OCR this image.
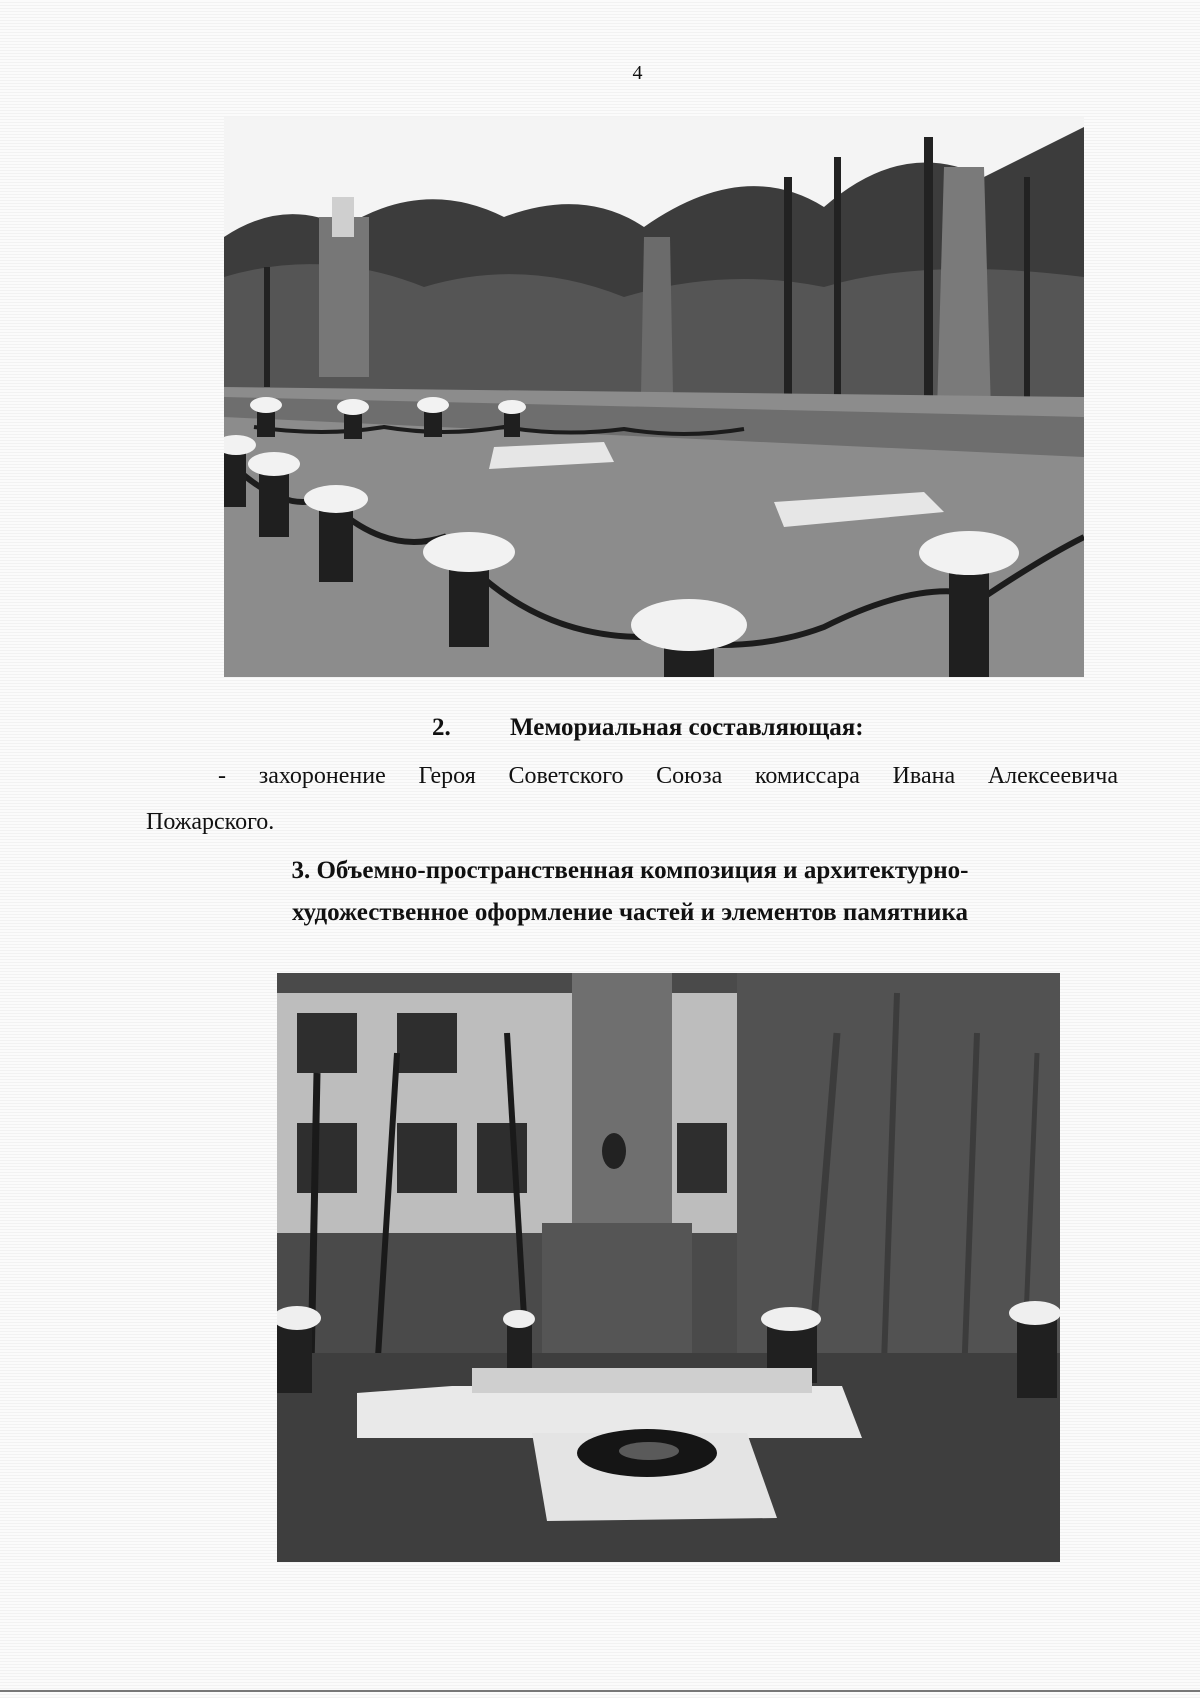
4
2. Мемориальная составляющая:
- захоронение Героя Советского Союза комиссара Ивана Алексеевича
Пожарского.
3. Объемно-пространственная композиция и архитектурно-
художественное оформление частей и элементов памятника
